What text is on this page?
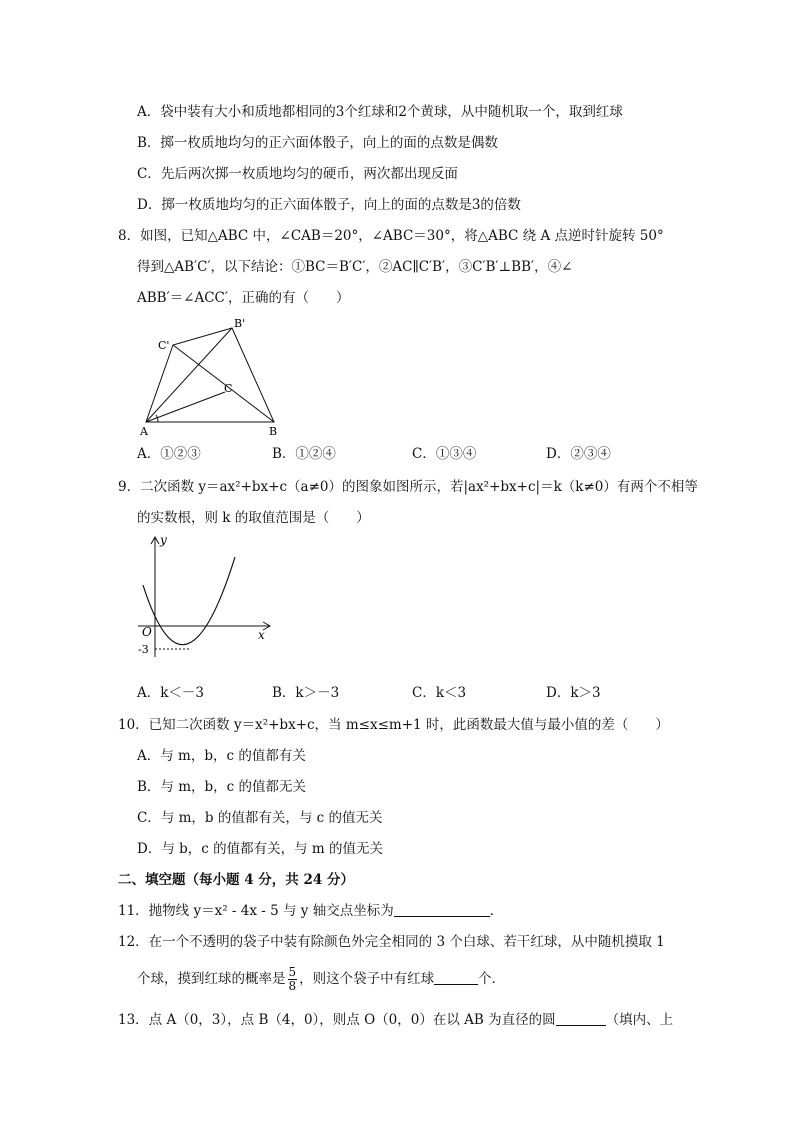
A．袋中装有大小和质地都相同的3个红球和2个黄球，从中随机取一个，取到红球
B．掷一枚质地均匀的正六面体骰子，向上的面的点数是偶数
C．先后两次掷一枚质地均匀的硬币，两次都出现反面
D．掷一枚质地均匀的正六面体骰子，向上的面的点数是3的倍数
8．如图，已知△ABC 中，∠CAB＝20°，∠ABC＝30°，将△ABC 绕 A 点逆时针旋转 50°
得到△AB′C′，以下结论：①BC＝B′C′，②AC∥C′B′，③C′B′⊥BB′，④∠
ABB′＝∠ACC′，正确的有（　　）
B'
C'
C
A	B
A．①②③	B．①②④	C．①③④	D．②③④
9．二次函数 y＝ax²+bx+c（a≠0）的图象如图所示，若|ax²+bx+c|＝k（k≠0）有两个不相等
的实数根，则 k 的取值范围是（　　）
y
x
O
-3
A．k＜－3	B．k＞－3	C．k＜3	D．k＞3
10．已知二次函数 y＝x²+bx+c，当 m≤x≤m+1 时，此函数最大值与最小值的差（　　）
A．与 m，b，c 的值都有关
B．与 m，b，c 的值都无关
C．与 m，b 的值都有关，与 c 的值无关
D．与 b，c 的值都有关，与 m 的值无关
二、填空题（每小题 4 分，共 24 分）
11．抛物线 y＝x² - 4x - 5 与 y 轴交点坐标为	．
12．在一个不透明的袋子中装有除颜色外完全相同的 3 个白球、若干红球，从中随机摸取 1
个球，摸到红球的概率是 $\frac{5}{8}$ ，则这个袋子中有红球	个．
13．点 A（0，3），点 B（4，0），则点 O（0，0）在以 AB 为直径的圆	（填内、上
